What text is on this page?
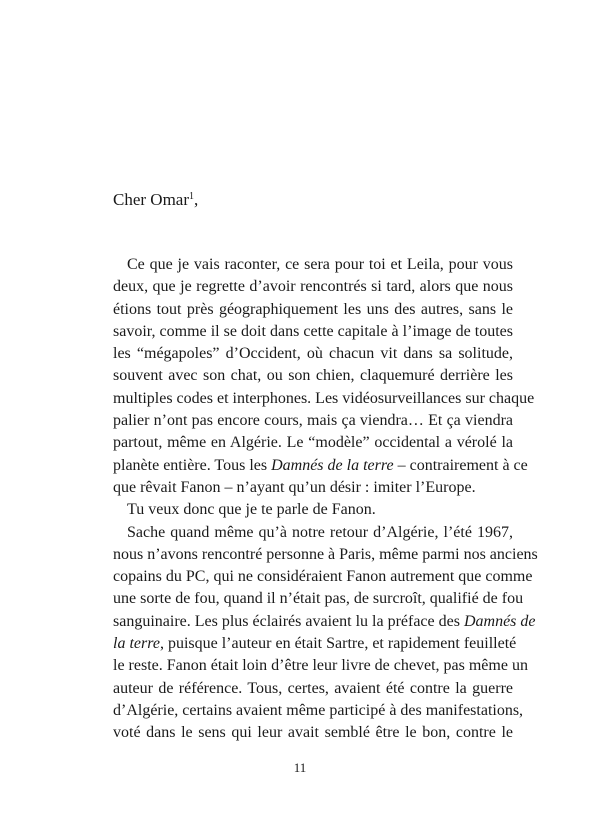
Cher Omar$^1$,

Ce que je vais raconter, ce sera pour toi et Leila, pour vous
deux, que je regrette d’avoir rencontrés si tard, alors que nous
étions tout près géographiquement les uns des autres, sans le
savoir, comme il se doit dans cette capitale à l’image de toutes
les “mégapoles” d’Occident, où chacun vit dans sa solitude,
souvent avec son chat, ou son chien, claquemuré derrière les
multiples codes et interphones. Les vidéosurveillances sur chaque
palier n’ont pas encore cours, mais ça viendra… Et ça viendra
partout, même en Algérie. Le “modèle” occidental a vérolé la
planète entière. Tous les Damnés de la terre – contrairement à ce
que rêvait Fanon – n’ayant qu’un désir : imiter l’Europe.
Tu veux donc que je te parle de Fanon.
Sache quand même qu’à notre retour d’Algérie, l’été 1967,
nous n’avons rencontré personne à Paris, même parmi nos anciens
copains du PC, qui ne considéraient Fanon autrement que comme
une sorte de fou, quand il n’était pas, de surcroît, qualifié de fou
sanguinaire. Les plus éclairés avaient lu la préface des Damnés de
la terre, puisque l’auteur en était Sartre, et rapidement feuilleté
le reste. Fanon était loin d’être leur livre de chevet, pas même un
auteur de référence. Tous, certes, avaient été contre la guerre
d’Algérie, certains avaient même participé à des manifestations,
voté dans le sens qui leur avait semblé être le bon, contre le
11
